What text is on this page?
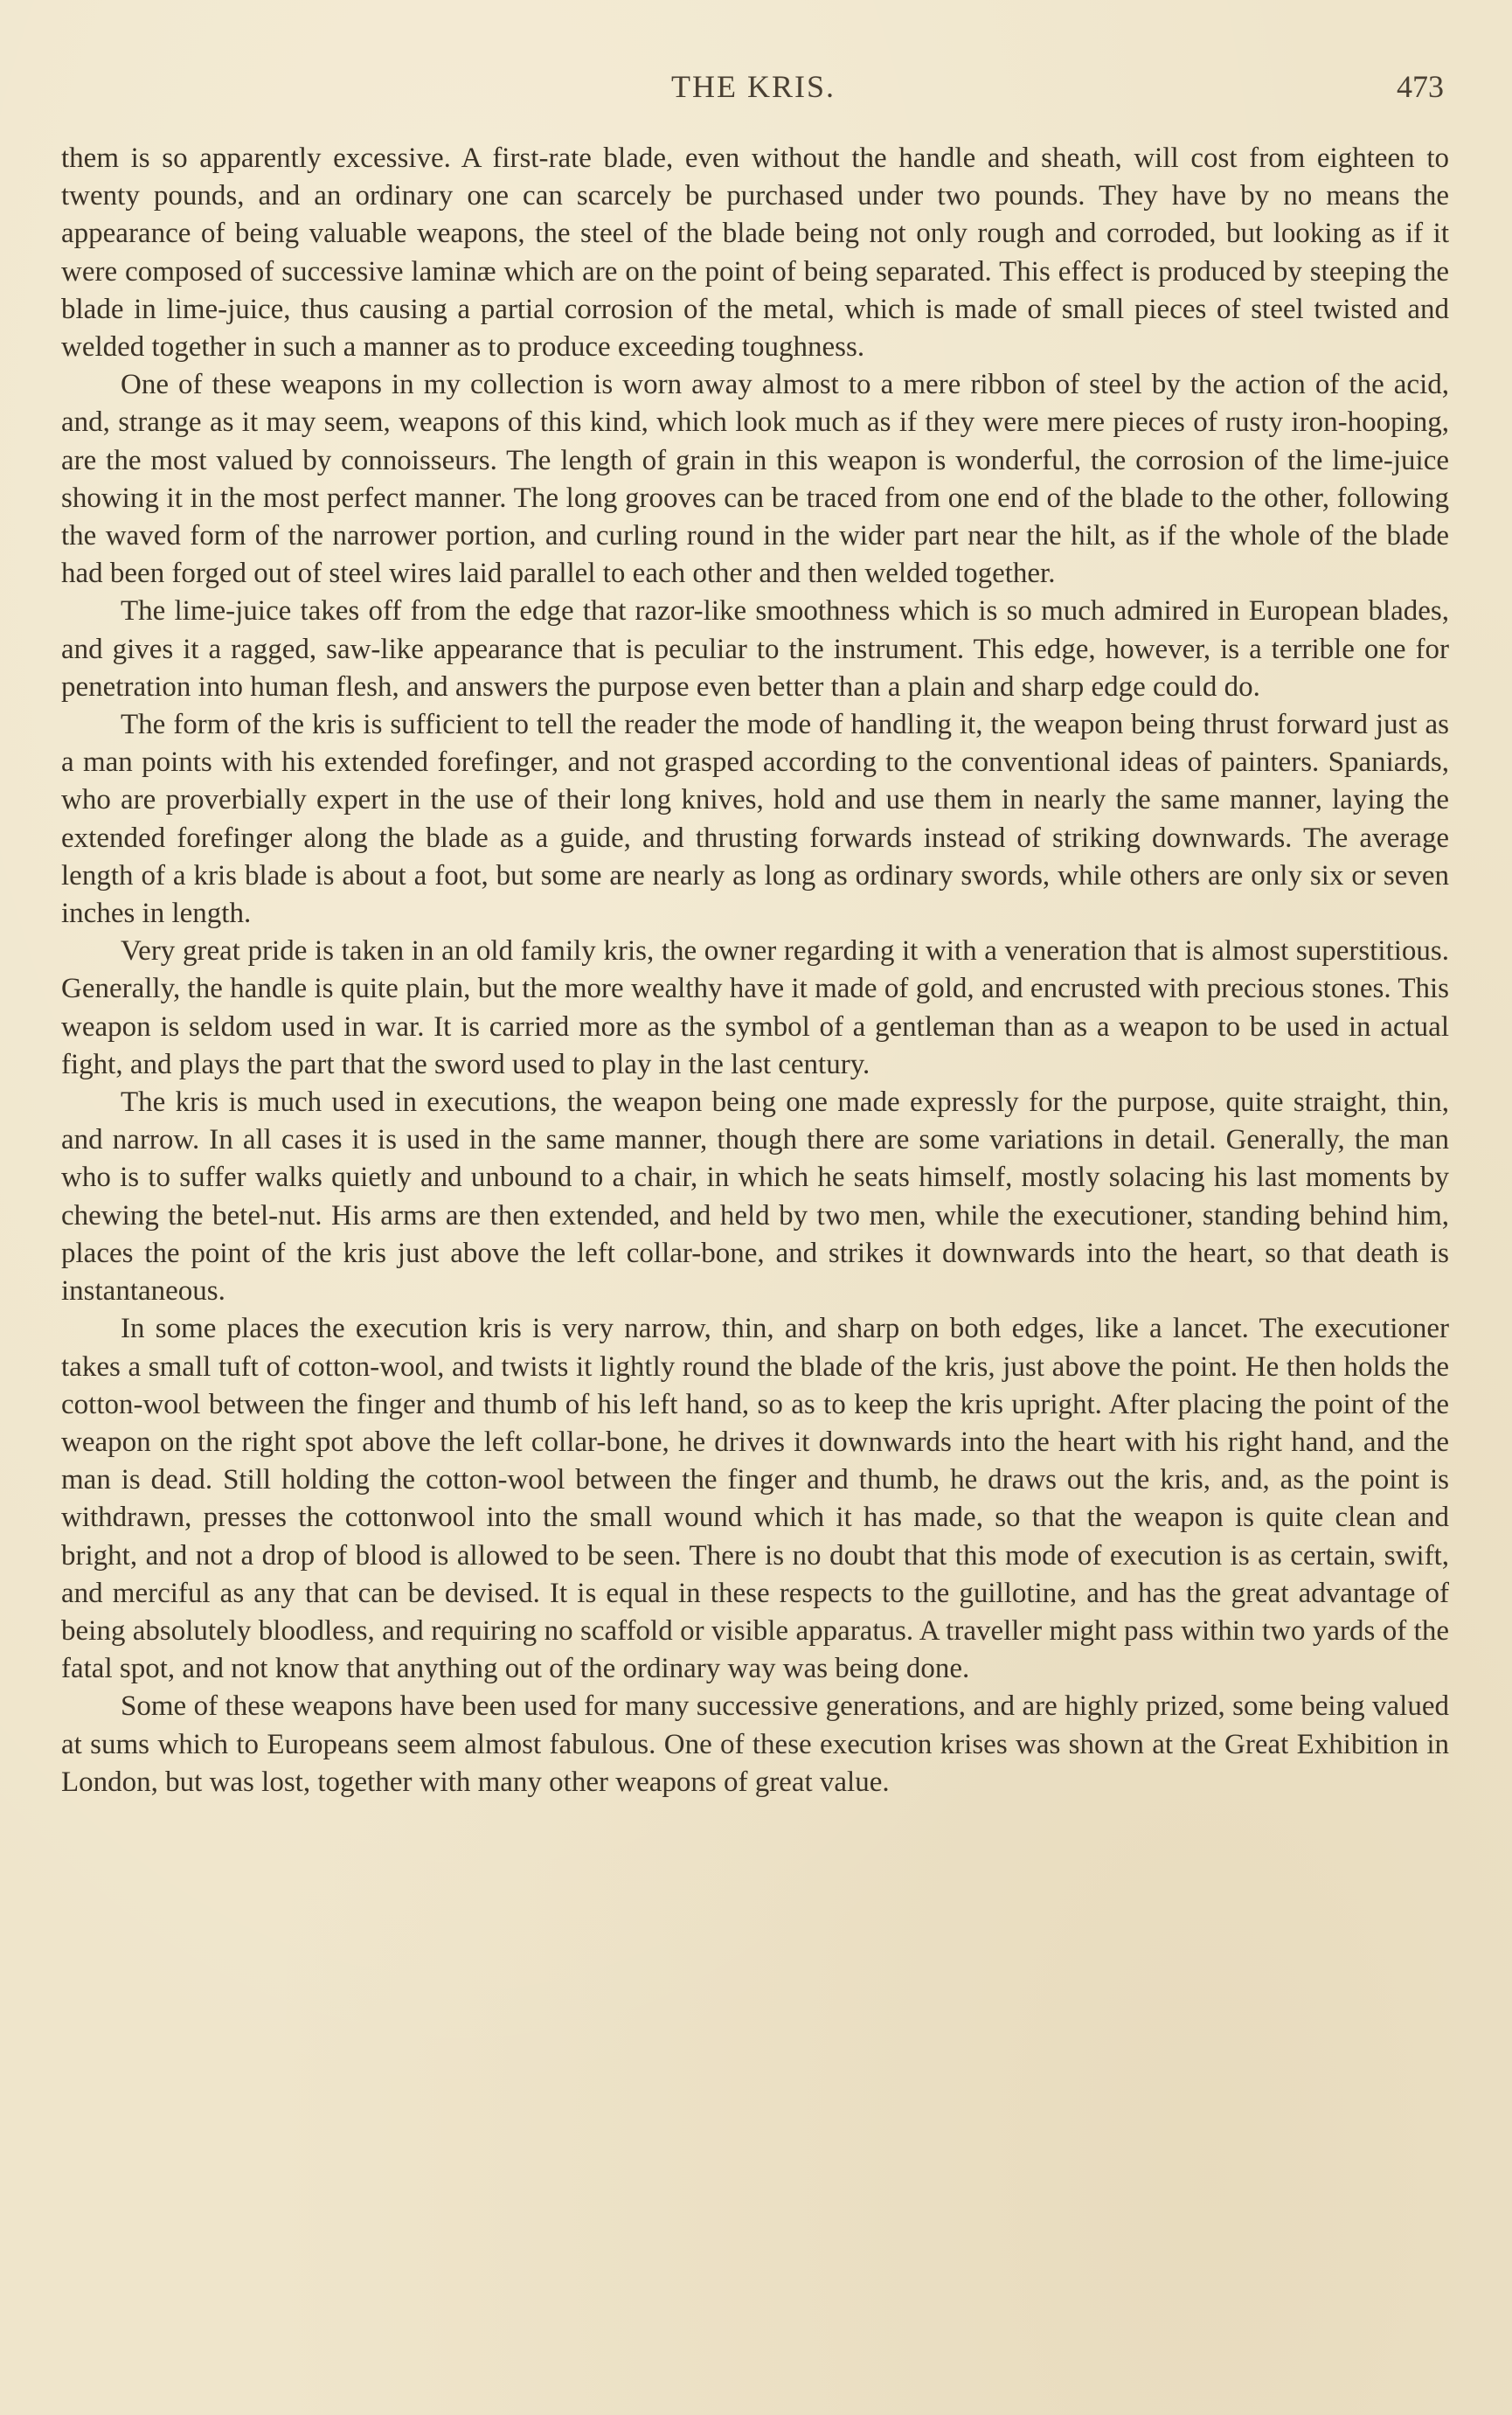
THE KRIS.	473

them is so apparently excessive. A first-rate blade, even without the handle and sheath, will cost from eighteen to twenty pounds, and an ordinary one can scarcely be purchased under two pounds. They have by no means the appearance of being valuable weapons, the steel of the blade being not only rough and corroded, but looking as if it were composed of successive laminæ which are on the point of being separated. This effect is produced by steeping the blade in lime-juice, thus causing a partial corrosion of the metal, which is made of small pieces of steel twisted and welded together in such a manner as to produce exceeding toughness.

One of these weapons in my collection is worn away almost to a mere ribbon of steel by the action of the acid, and, strange as it may seem, weapons of this kind, which look much as if they were mere pieces of rusty iron-hooping, are the most valued by connoisseurs. The length of grain in this weapon is wonderful, the corrosion of the lime-juice showing it in the most perfect manner. The long grooves can be traced from one end of the blade to the other, following the waved form of the narrower portion, and curling round in the wider part near the hilt, as if the whole of the blade had been forged out of steel wires laid parallel to each other and then welded together.

The lime-juice takes off from the edge that razor-like smoothness which is so much admired in European blades, and gives it a ragged, saw-like appearance that is peculiar to the instrument. This edge, however, is a terrible one for penetration into human flesh, and answers the purpose even better than a plain and sharp edge could do.

The form of the kris is sufficient to tell the reader the mode of handling it, the weapon being thrust forward just as a man points with his extended forefinger, and not grasped according to the conventional ideas of painters. Spaniards, who are proverbially expert in the use of their long knives, hold and use them in nearly the same manner, laying the extended forefinger along the blade as a guide, and thrusting forwards instead of striking downwards. The average length of a kris blade is about a foot, but some are nearly as long as ordinary swords, while others are only six or seven inches in length.

Very great pride is taken in an old family kris, the owner regarding it with a veneration that is almost superstitious. Generally, the handle is quite plain, but the more wealthy have it made of gold, and encrusted with precious stones. This weapon is seldom used in war. It is carried more as the symbol of a gentleman than as a weapon to be used in actual fight, and plays the part that the sword used to play in the last century.

The kris is much used in executions, the weapon being one made expressly for the purpose, quite straight, thin, and narrow. In all cases it is used in the same manner, though there are some variations in detail. Generally, the man who is to suffer walks quietly and unbound to a chair, in which he seats himself, mostly solacing his last moments by chewing the betel-nut. His arms are then extended, and held by two men, while the executioner, standing behind him, places the point of the kris just above the left collar-bone, and strikes it downwards into the heart, so that death is instantaneous.

In some places the execution kris is very narrow, thin, and sharp on both edges, like a lancet. The executioner takes a small tuft of cotton-wool, and twists it lightly round the blade of the kris, just above the point. He then holds the cotton-wool between the finger and thumb of his left hand, so as to keep the kris upright. After placing the point of the weapon on the right spot above the left collar-bone, he drives it downwards into the heart with his right hand, and the man is dead. Still holding the cotton-wool between the finger and thumb, he draws out the kris, and, as the point is withdrawn, presses the cottonwool into the small wound which it has made, so that the weapon is quite clean and bright, and not a drop of blood is allowed to be seen. There is no doubt that this mode of execution is as certain, swift, and merciful as any that can be devised. It is equal in these respects to the guillotine, and has the great advantage of being absolutely bloodless, and requiring no scaffold or visible apparatus. A traveller might pass within two yards of the fatal spot, and not know that anything out of the ordinary way was being done.

Some of these weapons have been used for many successive generations, and are highly prized, some being valued at sums which to Europeans seem almost fabulous. One of these execution krises was shown at the Great Exhibition in London, but was lost, together with many other weapons of great value.
